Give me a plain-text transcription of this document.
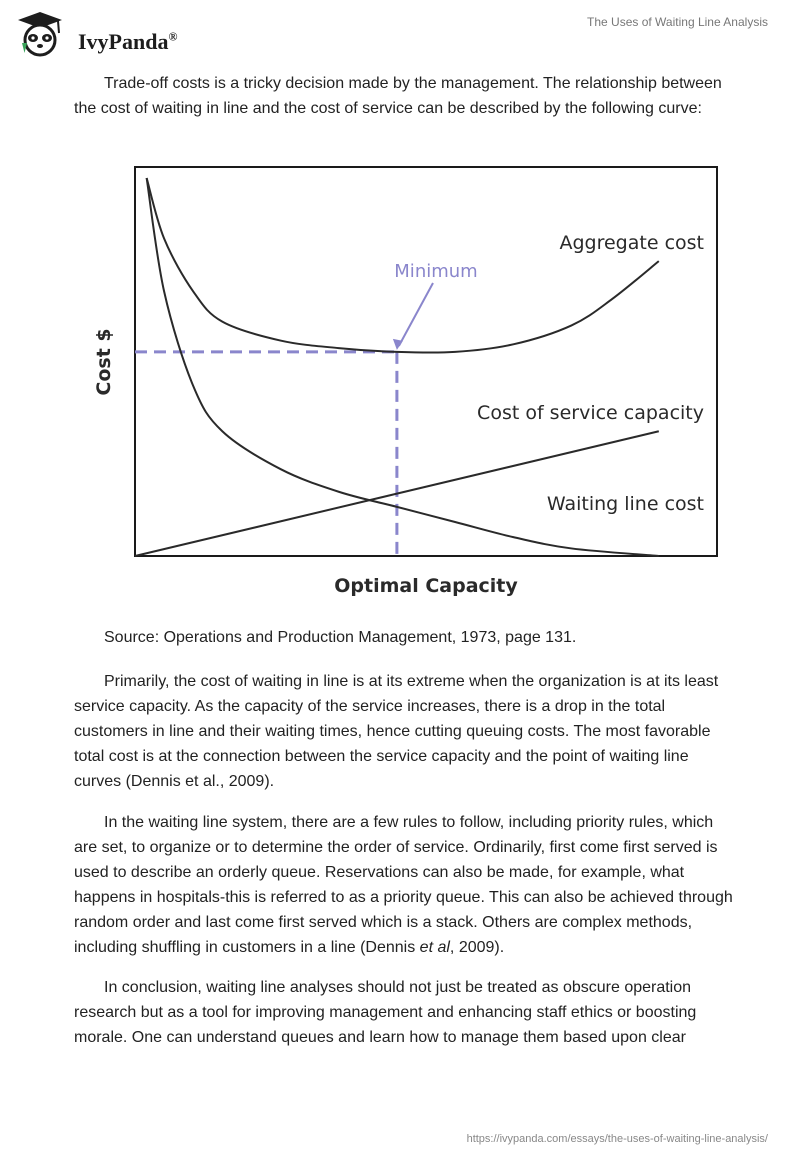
IvyPanda®
The Uses of Waiting Line Analysis

Trade-off costs is a tricky decision made by the management. The relationship between the cost of waiting in line and the cost of service can be described by the following curve:

Aggregate cost
Cost of service capacity
Waiting line cost
Minimum
Cost $
Optimal Capacity

Source: Operations and Production Management, 1973, page 131.

Primarily, the cost of waiting in line is at its extreme when the organization is at its least service capacity. As the capacity of the service increases, there is a drop in the total customers in line and their waiting times, hence cutting queuing costs. The most favorable total cost is at the connection between the service capacity and the point of waiting line curves (Dennis et al., 2009).

In the waiting line system, there are a few rules to follow, including priority rules, which are set, to organize or to determine the order of service. Ordinarily, first come first served is used to describe an orderly queue. Reservations can also be made, for example, what happens in hospitals-this is referred to as a priority queue. This can also be achieved through random order and last come first served which is a stack. Others are complex methods, including shuffling in customers in a line (Dennis et al, 2009).

In conclusion, waiting line analyses should not just be treated as obscure operation research but as a tool for improving management and enhancing staff ethics or boosting morale. One can understand queues and learn how to manage them based upon clear

https://ivypanda.com/essays/the-uses-of-waiting-line-analysis/
